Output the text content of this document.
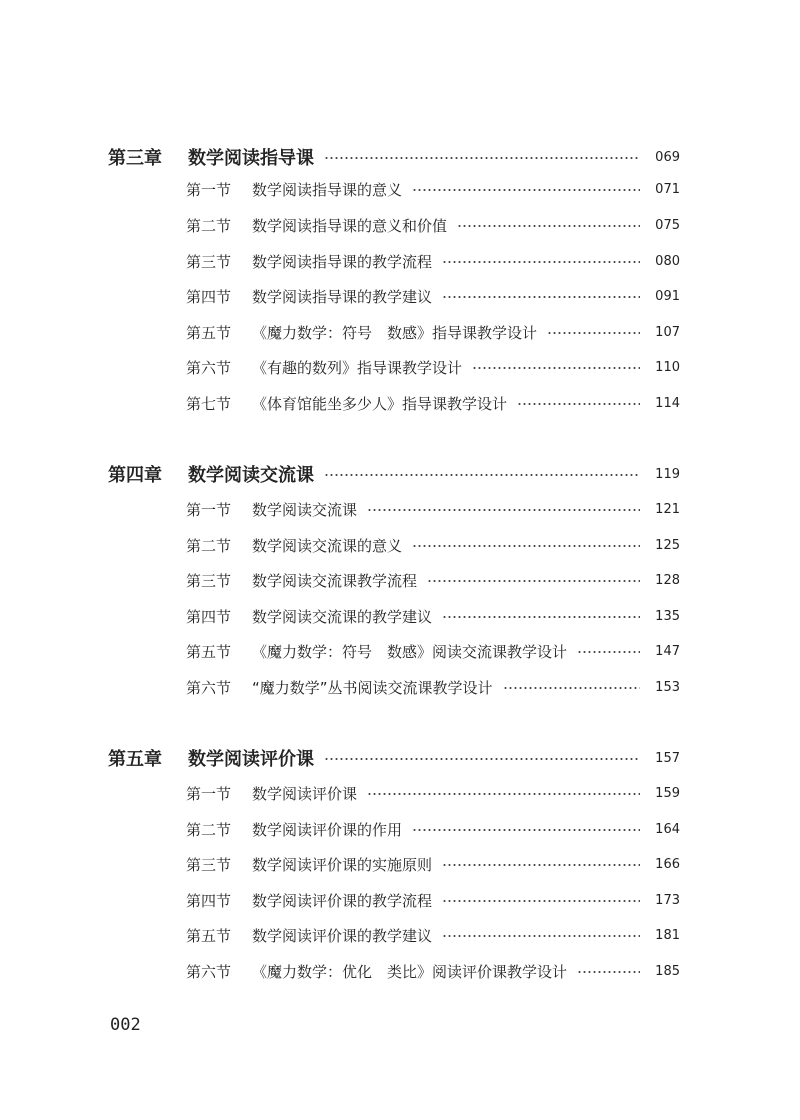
第三章	数学阅读指导课	069
第一节	数学阅读指导课的意义	071
第二节	数学阅读指导课的意义和价值	075
第三节	数学阅读指导课的教学流程	080
第四节	数学阅读指导课的教学建议	091
第五节	《魔力数学：符号　数感》指导课教学设计	107
第六节	《有趣的数列》指导课教学设计	110
第七节	《体育馆能坐多少人》指导课教学设计	114
第四章	数学阅读交流课	119
第一节	数学阅读交流课	121
第二节	数学阅读交流课的意义	125
第三节	数学阅读交流课教学流程	128
第四节	数学阅读交流课的教学建议	135
第五节	《魔力数学：符号　数感》阅读交流课教学设计	147
第六节	“魔力数学”丛书阅读交流课教学设计	153
第五章	数学阅读评价课	157
第一节	数学阅读评价课	159
第二节	数学阅读评价课的作用	164
第三节	数学阅读评价课的实施原则	166
第四节	数学阅读评价课的教学流程	173
第五节	数学阅读评价课的教学建议	181
第六节	《魔力数学：优化　类比》阅读评价课教学设计	185
002
